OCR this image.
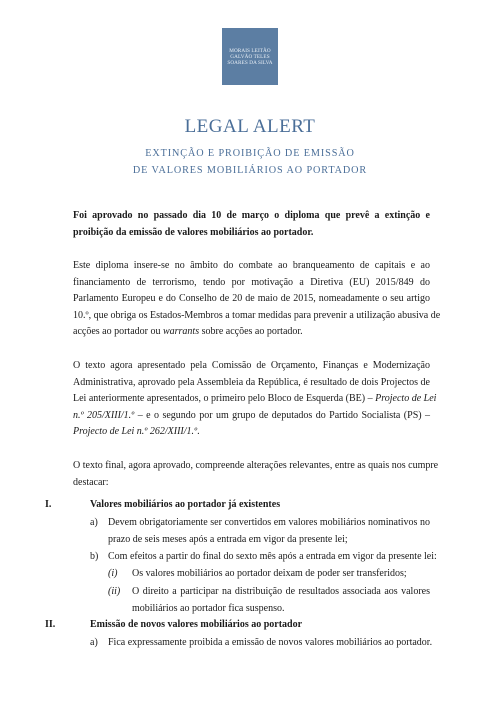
MORAIS LEITÃO
GALVÃO TELES
SOARES DA SILVA
LEGAL ALERT
EXTINÇÃO E PROIBIÇÃO DE EMISSÃO
DE VALORES MOBILIÁRIOS AO PORTADOR
Foi aprovado no passado dia 10 de março o diploma que prevê a extinção e
proibição da emissão de valores mobiliários ao portador.
Este diploma insere-se no âmbito do combate ao branqueamento de capitais e ao
financiamento de terrorismo, tendo por motivação a Diretiva (EU) 2015/849 do
Parlamento Europeu e do Conselho de 20 de maio de 2015, nomeadamente o seu artigo
10.º, que obriga os Estados-Membros a tomar medidas para prevenir a utilização abusiva de
acções ao portador ou warrants sobre acções ao portador.
O texto agora apresentado pela Comissão de Orçamento, Finanças e Modernização
Administrativa, aprovado pela Assembleia da República, é resultado de dois Projectos de
Lei anteriormente apresentados, o primeiro pelo Bloco de Esquerda (BE) – Projecto de Lei
n.º 205/XIII/1.º – e o segundo por um grupo de deputados do Partido Socialista (PS) –
Projecto de Lei n.º 262/XIII/1.º.
O texto final, agora aprovado, compreende alterações relevantes, entre as quais nos cumpre
destacar:
I.	Valores mobiliários ao portador já existentes
a) Devem obrigatoriamente ser convertidos em valores mobiliários nominativos no
prazo de seis meses após a entrada em vigor da presente lei;
b) Com efeitos a partir do final do sexto mês após a entrada em vigor da presente lei:
(i) Os valores mobiliários ao portador deixam de poder ser transferidos;
(ii) O direito a participar na distribuição de resultados associada aos valores
mobiliários ao portador fica suspenso.
II.	Emissão de novos valores mobiliários ao portador
a) Fica expressamente proibida a emissão de novos valores mobiliários ao portador.
